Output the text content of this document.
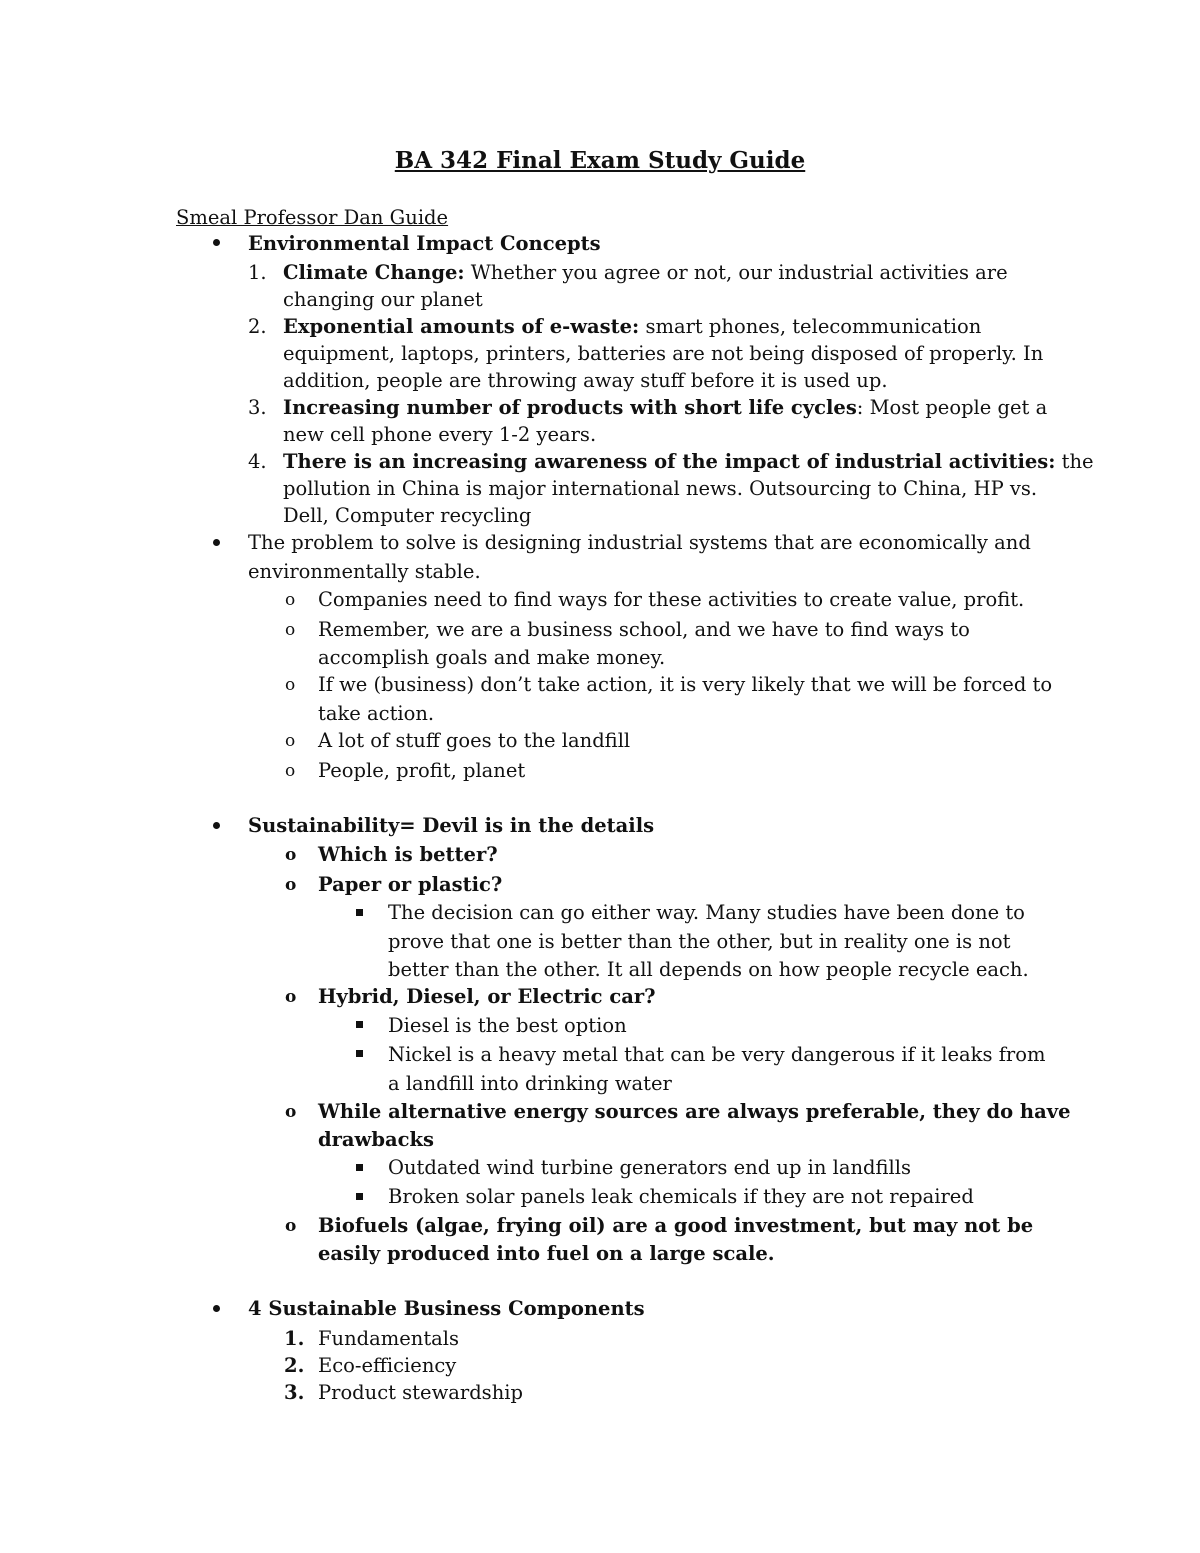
BA 342 Final Exam Study Guide
Smeal Professor Dan Guide
Environmental Impact Concepts
1. Climate Change: Whether you agree or not, our industrial activities are
changing our planet
2. Exponential amounts of e-waste: smart phones, telecommunication
equipment, laptops, printers, batteries are not being disposed of properly. In
addition, people are throwing away stuff before it is used up.
3. Increasing number of products with short life cycles: Most people get a
new cell phone every 1-2 years.
4. There is an increasing awareness of the impact of industrial activities: the
pollution in China is major international news. Outsourcing to China, HP vs.
Dell, Computer recycling
The problem to solve is designing industrial systems that are economically and
environmentally stable.
o Companies need to find ways for these activities to create value, profit.
o Remember, we are a business school, and we have to find ways to
accomplish goals and make money.
o If we (business) don’t take action, it is very likely that we will be forced to
take action.
o A lot of stuff goes to the landfill
o People, profit, planet
Sustainability= Devil is in the details
o Which is better?
o Paper or plastic?
The decision can go either way. Many studies have been done to
prove that one is better than the other, but in reality one is not
better than the other. It all depends on how people recycle each.
o Hybrid, Diesel, or Electric car?
Diesel is the best option
Nickel is a heavy metal that can be very dangerous if it leaks from
a landfill into drinking water
o While alternative energy sources are always preferable, they do have
drawbacks
Outdated wind turbine generators end up in landfills
Broken solar panels leak chemicals if they are not repaired
o Biofuels (algae, frying oil) are a good investment, but may not be
easily produced into fuel on a large scale.
4 Sustainable Business Components
1. Fundamentals
2. Eco-efficiency
3. Product stewardship
